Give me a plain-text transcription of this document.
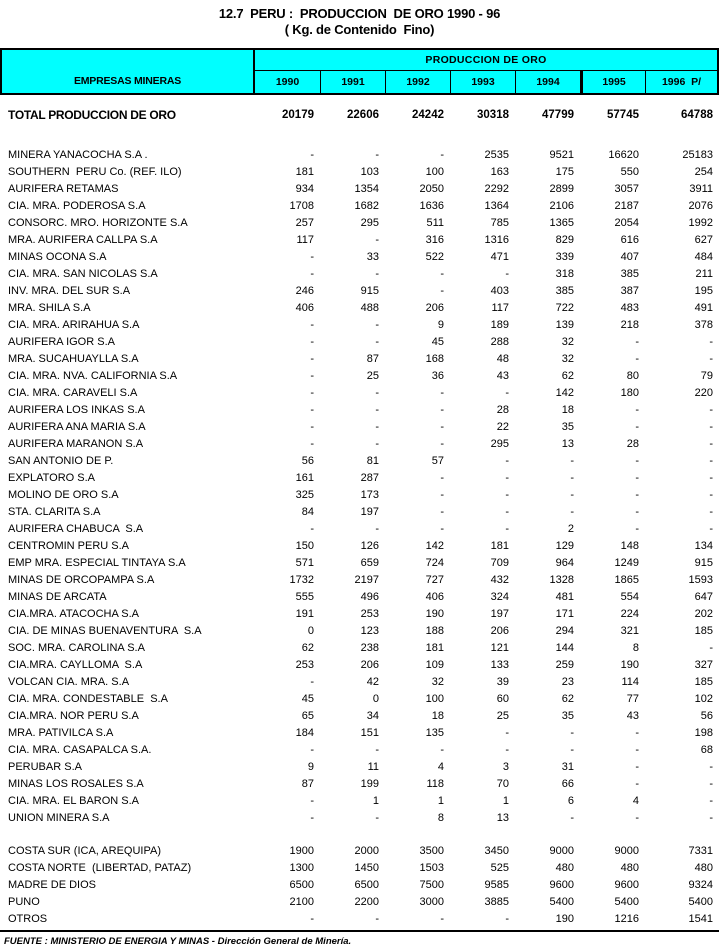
12.7  PERU :  PRODUCCION  DE ORO 1990 - 96
( Kg. de Contenido  Fino)
EMPRESAS MINERAS
PRODUCCION DE ORO
1990	1991	1992	1993	1994	1995	1996  P/
TOTAL PRODUCCION DE ORO	20179	22606	24242	30318	47799	57745	64788
MINERA YANACOCHA S.A .	-	-	-	2535	9521	16620	25183
SOUTHERN  PERU Co. (REF. ILO)	181	103	100	163	175	550	254
AURIFERA RETAMAS	934	1354	2050	2292	2899	3057	3911
CIA. MRA. PODEROSA S.A	1708	1682	1636	1364	2106	2187	2076
CONSORC. MRO. HORIZONTE S.A	257	295	511	785	1365	2054	1992
MRA. AURIFERA CALLPA S.A	117	-	316	1316	829	616	627
MINAS OCONA S.A	-	33	522	471	339	407	484
CIA. MRA. SAN NICOLAS S.A	-	-	-	-	318	385	211
INV. MRA. DEL SUR S.A	246	915	-	403	385	387	195
MRA. SHILA S.A	406	488	206	117	722	483	491
CIA. MRA. ARIRAHUA S.A	-	-	9	189	139	218	378
AURIFERA IGOR S.A	-	-	45	288	32	-	-
MRA. SUCAHUAYLLA S.A	-	87	168	48	32	-	-
CIA. MRA. NVA. CALIFORNIA S.A	-	25	36	43	62	80	79
CIA. MRA. CARAVELI S.A	-	-	-	-	142	180	220
AURIFERA LOS INKAS S.A	-	-	-	28	18	-	-
AURIFERA ANA MARIA S.A	-	-	-	22	35	-	-
AURIFERA MARANON S.A	-	-	-	295	13	28	-
SAN ANTONIO DE P.	56	81	57	-	-	-	-
EXPLATORO S.A	161	287	-	-	-	-	-
MOLINO DE ORO S.A	325	173	-	-	-	-	-
STA. CLARITA S.A	84	197	-	-	-	-	-
AURIFERA CHABUCA  S.A	-	-	-	-	2	-	-
CENTROMIN PERU S.A	150	126	142	181	129	148	134
EMP MRA. ESPECIAL TINTAYA S.A	571	659	724	709	964	1249	915
MINAS DE ORCOPAMPA S.A	1732	2197	727	432	1328	1865	1593
MINAS DE ARCATA	555	496	406	324	481	554	647
CIA.MRA. ATACOCHA S.A	191	253	190	197	171	224	202
CIA. DE MINAS BUENAVENTURA  S.A	0	123	188	206	294	321	185
SOC. MRA. CAROLINA S.A	62	238	181	121	144	8	-
CIA.MRA. CAYLLOMA  S.A	253	206	109	133	259	190	327
VOLCAN CIA. MRA. S.A	-	42	32	39	23	114	185
CIA. MRA. CONDESTABLE  S.A	45	0	100	60	62	77	102
CIA.MRA. NOR PERU S.A	65	34	18	25	35	43	56
MRA. PATIVILCA S.A	184	151	135	-	-	-	198
CIA. MRA. CASAPALCA S.A.	-	-	-	-	-	-	68
PERUBAR S.A	9	11	4	3	31	-	-
MINAS LOS ROSALES S.A	87	199	118	70	66	-	-
CIA. MRA. EL BARON S.A	-	1	1	1	6	4	-
UNION MINERA S.A	-	-	8	13	-	-	-
COSTA SUR (ICA, AREQUIPA)	1900	2000	3500	3450	9000	9000	7331
COSTA NORTE  (LIBERTAD, PATAZ)	1300	1450	1503	525	480	480	480
MADRE DE DIOS	6500	6500	7500	9585	9600	9600	9324
PUNO	2100	2200	3000	3885	5400	5400	5400
OTROS	-	-	-	-	190	1216	1541
FUENTE : MINISTERIO DE ENERGIA Y MINAS - Dirección General de Minería.
